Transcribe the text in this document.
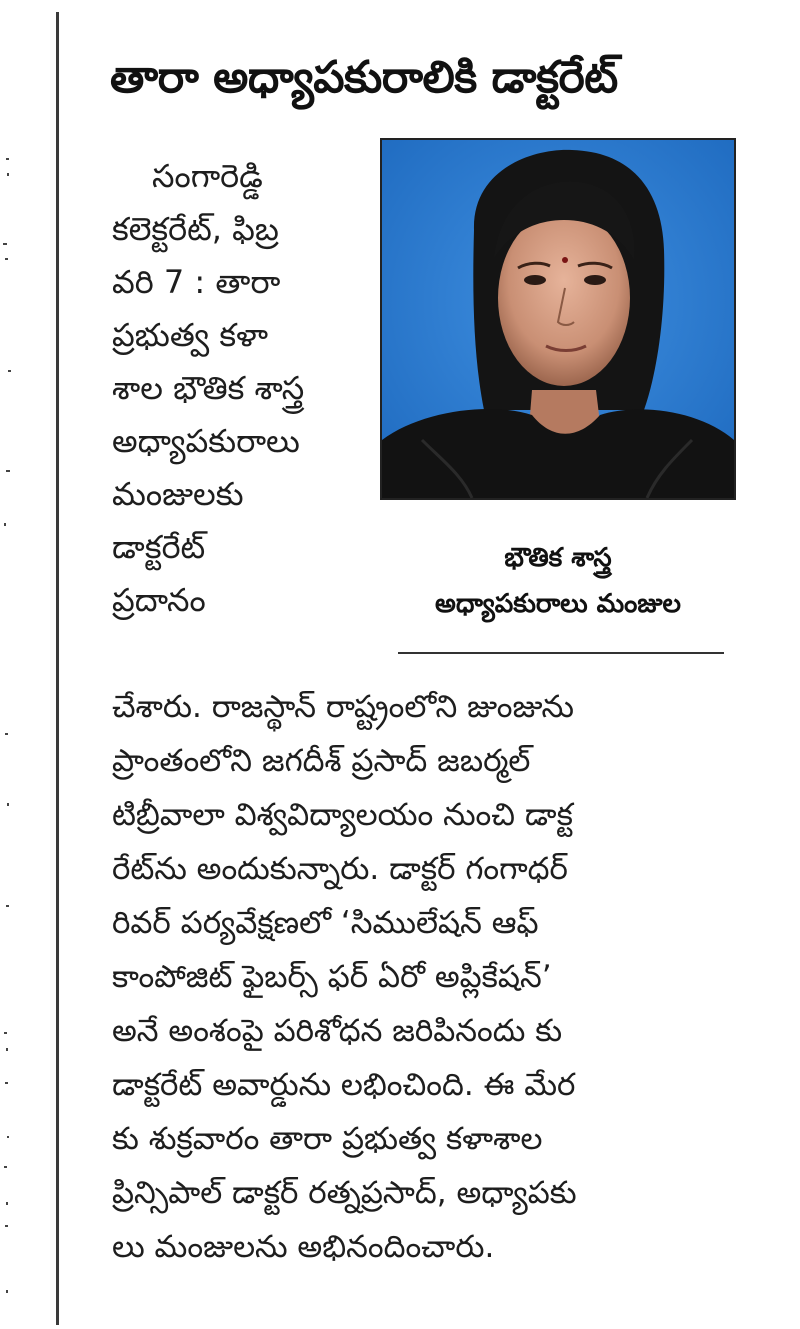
తారా అధ్యాపకురాలికి డాక్టరేట్
సంగారెడ్డి
కలెక్టరేట్, ఫిబ్ర
వరి 7 : తారా
ప్రభుత్వ కళా
శాల భౌతిక శాస్త్ర
అధ్యాపకురాలు
మంజులకు
డాక్టరేట్
ప్రదానం
భౌతిక శాస్త్ర
అధ్యాపకురాలు మంజుల
చేశారు. రాజస్థాన్ రాష్ట్రంలోని జుంజును
ప్రాంతంలోని జగదీశ్ ప్రసాద్ జబర్మల్
టిబ్రీవాలా విశ్వవిద్యాలయం నుంచి డాక్ట
రేట్‌ను అందుకున్నారు. డాక్టర్ గంగాధర్
రివర్ పర్యవేక్షణలో ‘సిములేషన్ ఆఫ్
కాంపోజిట్ ఫైబర్స్ ఫర్ ఏరో అప్లికేషన్’
అనే అంశంపై పరిశోధన జరిపినందు కు
డాక్టరేట్ అవార్డును లభించింది. ఈ మేర
కు శుక్రవారం తారా ప్రభుత్వ కళాశాల
ప్రిన్సిపాల్ డాక్టర్ రత్నప్రసాద్, అధ్యాపకు
లు మంజులను అభినందించారు.
